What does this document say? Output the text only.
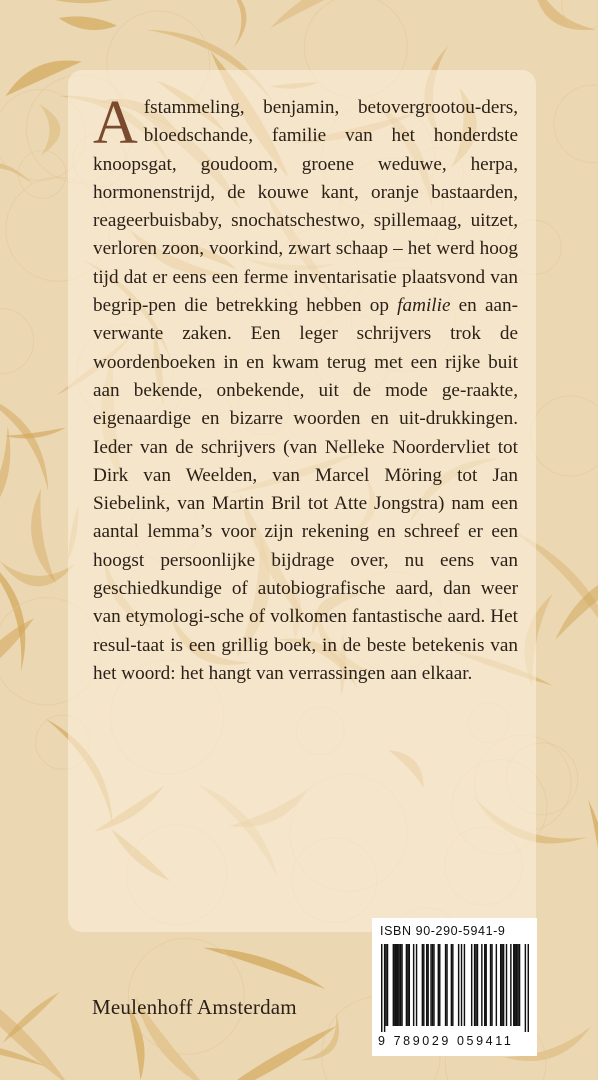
Afstammeling, benjamin, betovergrootou-ders, bloedschande, familie van het honderdste knoopsgat, goudoom, groene weduwe, herpa, hormonenstrijd, de kouwe kant, oranje bastaarden, reageerbuisbaby, snochatschestwo, spillemaag, uitzet, verloren zoon, voorkind, zwart schaap – het werd hoog tijd dat er eens een ferme inventarisatie plaatsvond van begrip-pen die betrekking hebben op familie en aan-verwante zaken. Een leger schrijvers trok de woordenboeken in en kwam terug met een rijke buit aan bekende, onbekende, uit de mode ge-raakte, eigenaardige en bizarre woorden en uit-drukkingen. Ieder van de schrijvers (van Nelleke Noordervliet tot Dirk van Weelden, van Marcel Möring tot Jan Siebelink, van Martin Bril tot Atte Jongstra) nam een aantal lemma’s voor zijn rekening en schreef er een hoogst persoonlijke bijdrage over, nu eens van geschiedkundige of autobiografische aard, dan weer van etymologi-sche of volkomen fantastische aard. Het resul-taat is een grillig boek, in de beste betekenis van het woord: het hangt van verrassingen aan elkaar.

Meulenhoff Amsterdam
ISBN 90-290-5941-9
9 789029 059411
